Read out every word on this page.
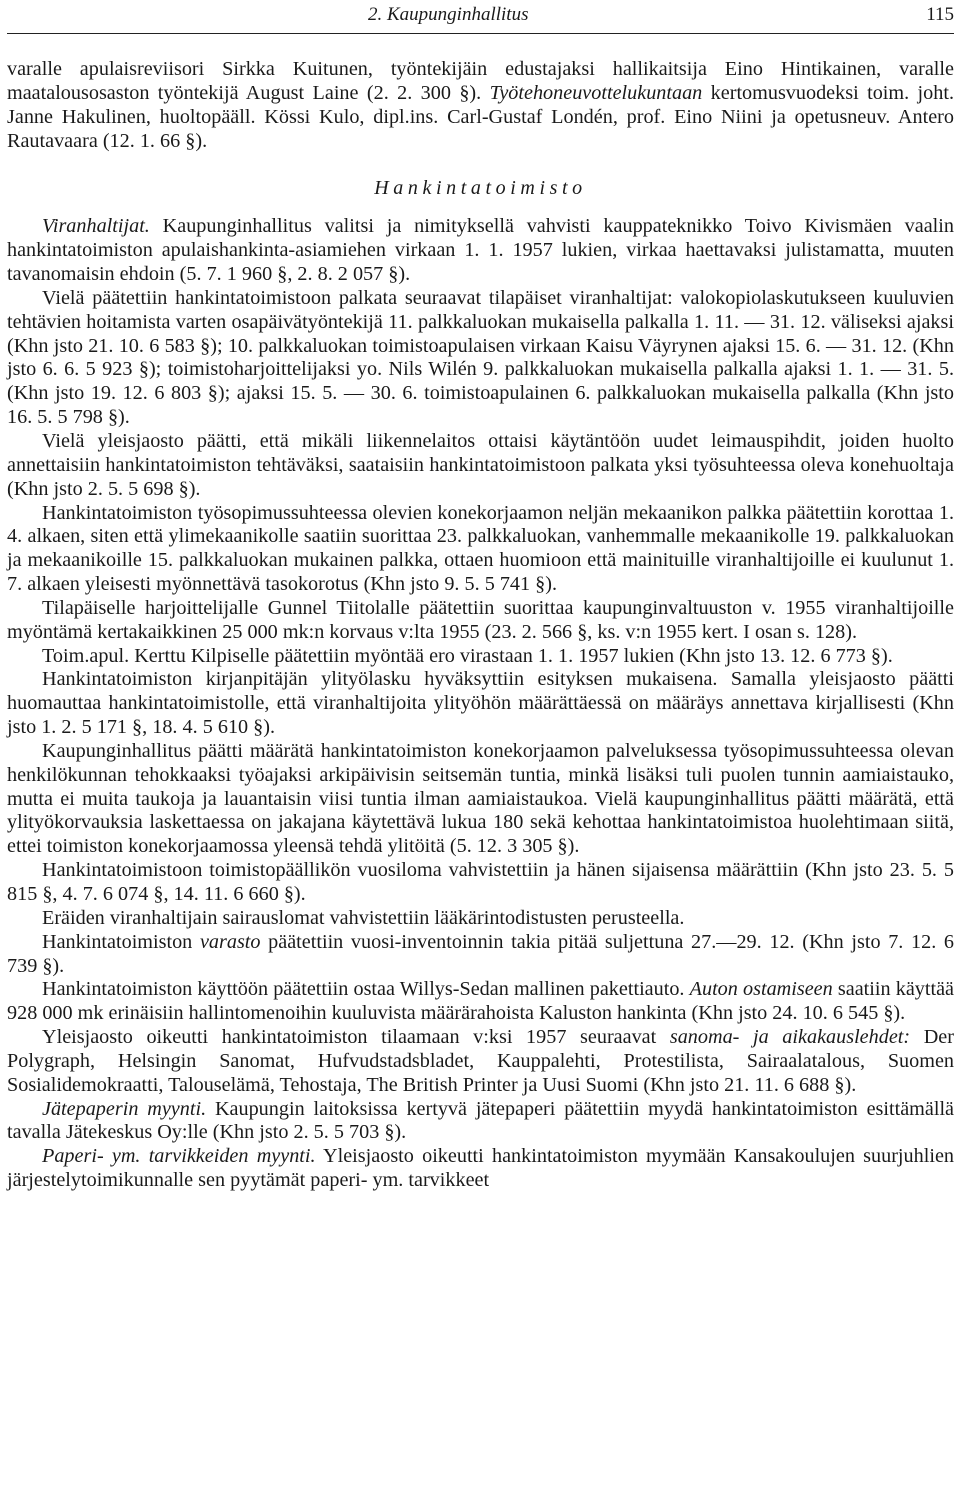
2. Kaupunginhallitus	115

varalle apulaisreviisori Sirkka Kuitunen, työntekijäin edustajaksi hallikaitsija Eino Hintikainen, varalle maatalousosaston työntekijä August Laine (2. 2. 300 §). Työtehoneuvottelukuntaan kertomusvuodeksi toim. joht. Janne Hakulinen, huoltopääll. Kössi Kulo, dipl.ins. Carl-Gustaf Londén, prof. Eino Niini ja opetusneuv. Antero Rautavaara (12. 1. 66 §).

Hankintatoimisto

Viranhaltijat. Kaupunginhallitus valitsi ja nimityksellä vahvisti kauppateknikko Toivo Kivismäen vaalin hankintatoimiston apulaishankinta-asiamiehen virkaan 1. 1. 1957 lukien, virkaa haettavaksi julistamatta, muuten tavanomaisin ehdoin (5. 7. 1 960 §, 2. 8. 2 057 §).

Vielä päätettiin hankintatoimistoon palkata seuraavat tilapäiset viranhaltijat: valokopiolaskutukseen kuuluvien tehtävien hoitamista varten osapäivätyöntekijä 11. palkkaluokan mukaisella palkalla 1. 11. — 31. 12. väliseksi ajaksi (Khn jsto 21. 10. 6 583 §); 10. palkkaluokan toimistoapulaisen virkaan Kaisu Väyrynen ajaksi 15. 6. — 31. 12. (Khn jsto 6. 6. 5 923 §); toimistoharjoittelijaksi yo. Nils Wilén 9. palkkaluokan mukaisella palkalla ajaksi 1. 1. — 31. 5. (Khn jsto 19. 12. 6 803 §); ajaksi 15. 5. — 30. 6. toimistoapulainen 6. palkkaluokan mukaisella palkalla (Khn jsto 16. 5. 5 798 §).

Vielä yleisjaosto päätti, että mikäli liikennelaitos ottaisi käytäntöön uudet leimauspihdit, joiden huolto annettaisiin hankintatoimiston tehtäväksi, saataisiin hankintatoimistoon palkata yksi työsuhteessa oleva konehuoltaja (Khn jsto 2. 5. 5 698 §).

Hankintatoimiston työsopimussuhteessa olevien konekorjaamon neljän mekaanikon palkka päätettiin korottaa 1. 4. alkaen, siten että ylimekaanikolle saatiin suorittaa 23. palkkaluokan, vanhemmalle mekaanikolle 19. palkkaluokan ja mekaanikoille 15. palkkaluokan mukainen palkka, ottaen huomioon että mainituille viranhaltijoille ei kuulunut 1. 7. alkaen yleisesti myönnettävä tasokorotus (Khn jsto 9. 5. 5 741 §).

Tilapäiselle harjoittelijalle Gunnel Tiitolalle päätettiin suorittaa kaupunginvaltuuston v. 1955 viranhaltijoille myöntämä kertakaikkinen 25 000 mk:n korvaus v:lta 1955 (23. 2. 566 §, ks. v:n 1955 kert. I osan s. 128).

Toim.apul. Kerttu Kilpiselle päätettiin myöntää ero virastaan 1. 1. 1957 lukien (Khn jsto 13. 12. 6 773 §).

Hankintatoimiston kirjanpitäjän ylityölasku hyväksyttiin esityksen mukaisena. Samalla yleisjaosto päätti huomauttaa hankintatoimistolle, että viranhaltijoita ylityöhön määrättäessä on määräys annettava kirjallisesti (Khn jsto 1. 2. 5 171 §, 18. 4. 5 610 §).

Kaupunginhallitus päätti määrätä hankintatoimiston konekorjaamon palveluksessa työsopimussuhteessa olevan henkilökunnan tehokkaaksi työajaksi arkipäivisin seitsemän tuntia, minkä lisäksi tuli puolen tunnin aamiaistauko, mutta ei muita taukoja ja lauantaisin viisi tuntia ilman aamiaistaukoa. Vielä kaupunginhallitus päätti määrätä, että ylityökorvauksia laskettaessa on jakajana käytettävä lukua 180 sekä kehottaa hankintatoimistoa huolehtimaan siitä, ettei toimiston konekorjaamossa yleensä tehdä ylitöitä (5. 12. 3 305 §).

Hankintatoimistoon toimistopäällikön vuosiloma vahvistettiin ja hänen sijaisensa määrättiin (Khn jsto 23. 5. 5 815 §, 4. 7. 6 074 §, 14. 11. 6 660 §).

Eräiden viranhaltijain sairauslomat vahvistettiin lääkärintodistusten perusteella.

Hankintatoimiston varasto päätettiin vuosi-inventoinnin takia pitää suljettuna 27.—29. 12. (Khn jsto 7. 12. 6 739 §).

Hankintatoimiston käyttöön päätettiin ostaa Willys-Sedan mallinen pakettiauto. Auton ostamiseen saatiin käyttää 928 000 mk erinäisiin hallintomenoihin kuuluvista määrärahoista Kaluston hankinta (Khn jsto 24. 10. 6 545 §).

Yleisjaosto oikeutti hankintatoimiston tilaamaan v:ksi 1957 seuraavat sanoma- ja aikakauslehdet: Der Polygraph, Helsingin Sanomat, Hufvudstadsbladet, Kauppalehti, Protestilista, Sairaalatalous, Suomen Sosialidemokraatti, Talouselämä, Tehostaja, The British Printer ja Uusi Suomi (Khn jsto 21. 11. 6 688 §).

Jätepaperin myynti. Kaupungin laitoksissa kertyvä jätepaperi päätettiin myydä hankintatoimiston esittämällä tavalla Jätekeskus Oy:lle (Khn jsto 2. 5. 5 703 §).

Paperi- ym. tarvikkeiden myynti. Yleisjaosto oikeutti hankintatoimiston myymään Kansakoulujen suurjuhlien järjestelytoimikunnalle sen pyytämät paperi- ym. tarvikkeet
